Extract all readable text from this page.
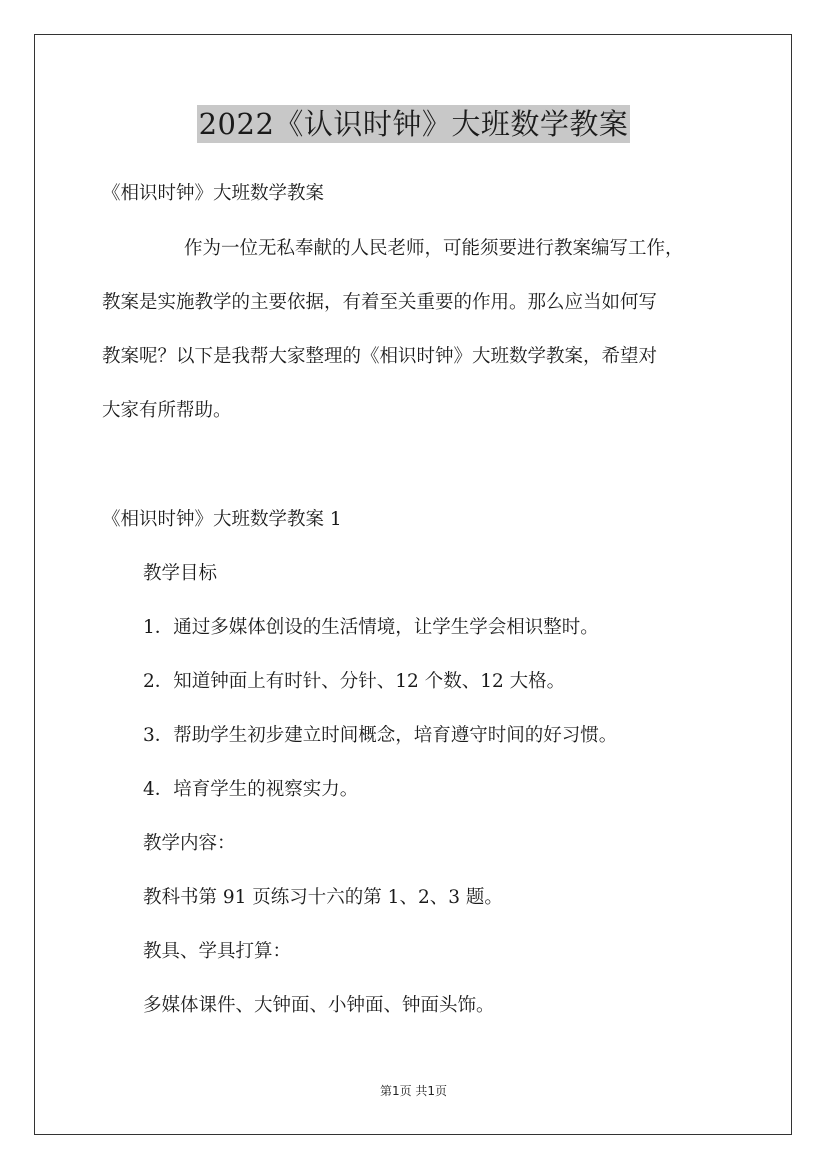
2022《认识时钟》大班数学教案

《相识时钟》大班数学教案

作为一位无私奉献的人民老师，可能须要进行教案编写工作，

教案是实施教学的主要依据，有着至关重要的作用。那么应当如何写

教案呢？以下是我帮大家整理的《相识时钟》大班数学教案，希望对

大家有所帮助。

《相识时钟》大班数学教案 1

教学目标

1．通过多媒体创设的生活情境，让学生学会相识整时。

2．知道钟面上有时针、分针、12 个数、12 大格。

3．帮助学生初步建立时间概念，培育遵守时间的好习惯。

4．培育学生的视察实力。

教学内容：

教科书第 91 页练习十六的第 1、2、3 题。

教具、学具打算：

多媒体课件、大钟面、小钟面、钟面头饰。

第1页 共1页
